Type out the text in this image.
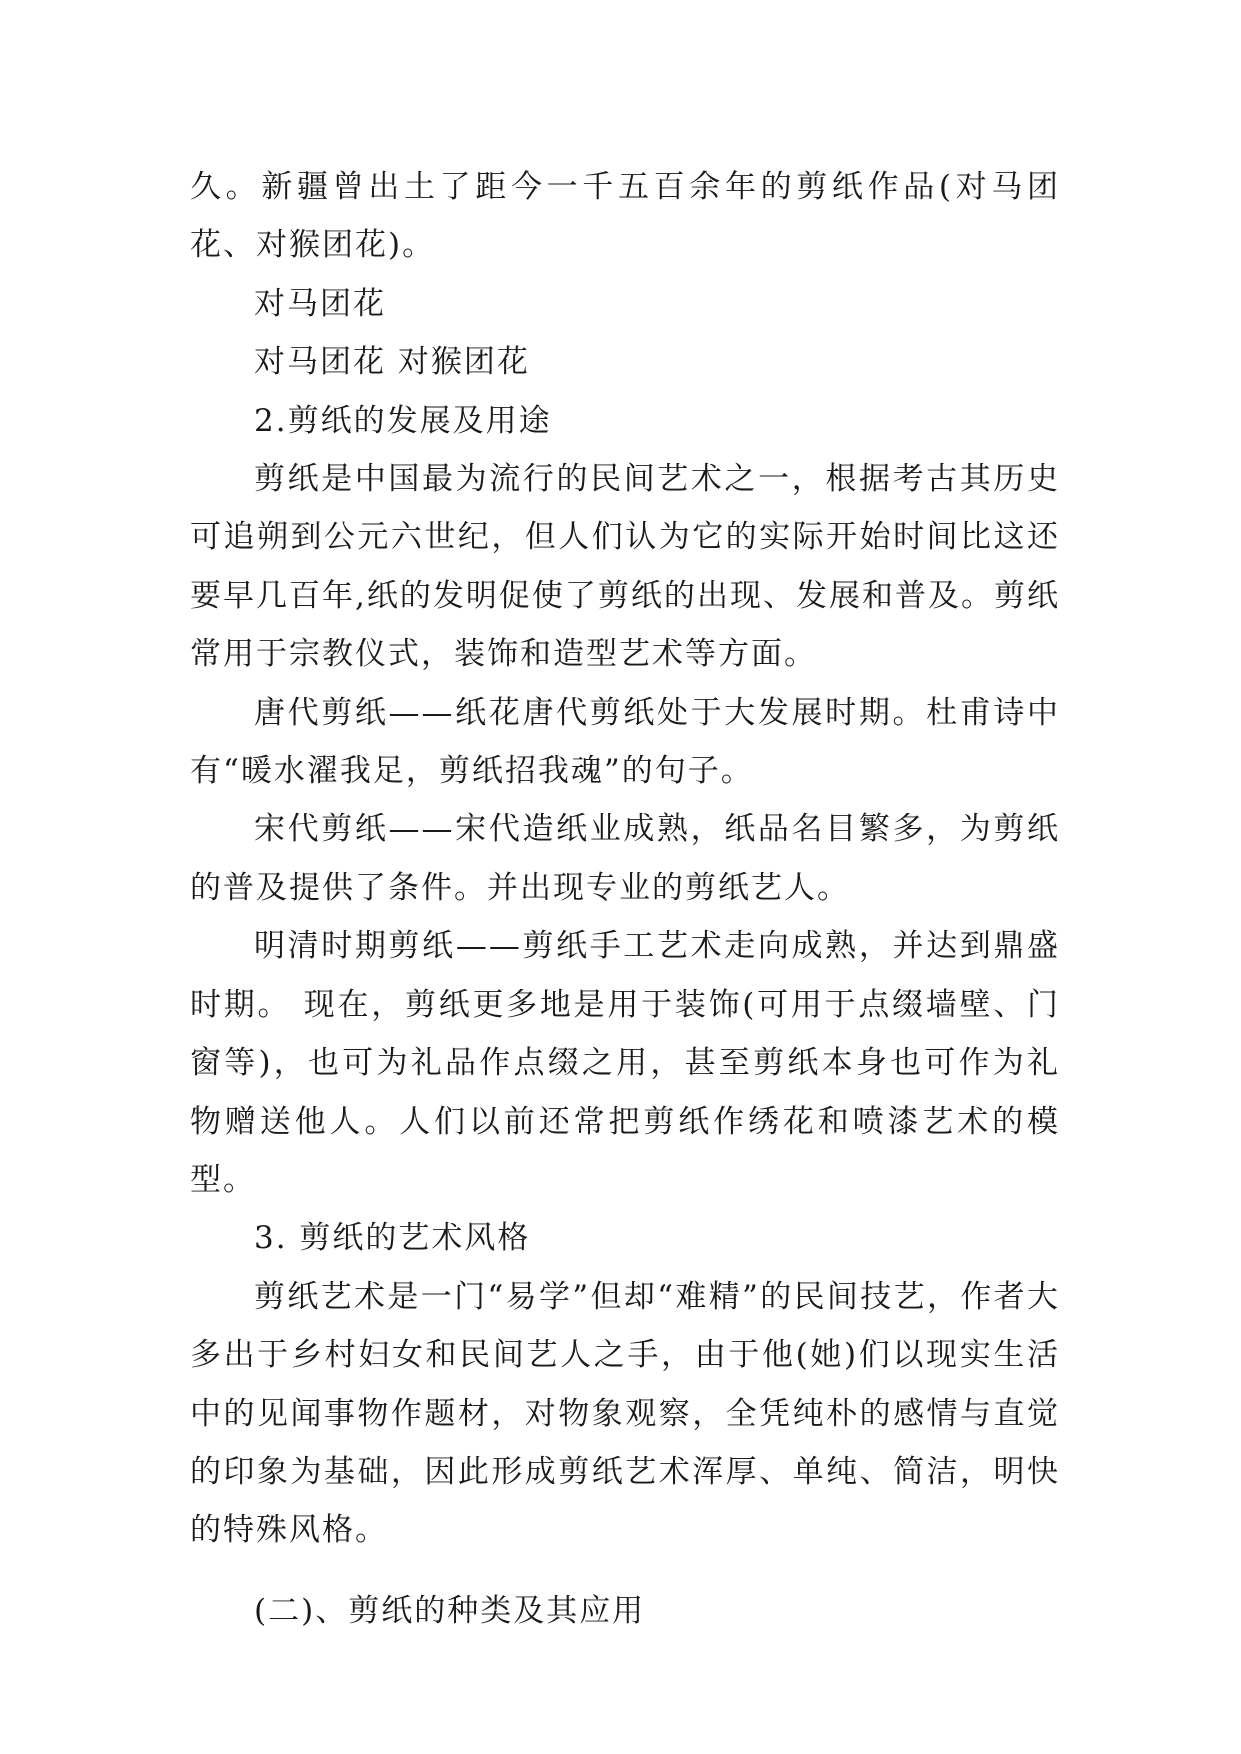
久。新疆曾出土了距今一千五百余年的剪纸作品(对马团花、对猴团花)。

对马团花

对马团花 对猴团花

2.剪纸的发展及用途

剪纸是中国最为流行的民间艺术之一，根据考古其历史可追朔到公元六世纪，但人们认为它的实际开始时间比这还要早几百年,纸的发明促使了剪纸的出现、发展和普及。剪纸常用于宗教仪式，装饰和造型艺术等方面。

唐代剪纸——纸花唐代剪纸处于大发展时期。杜甫诗中有“暖水濯我足，剪纸招我魂”的句子。

宋代剪纸——宋代造纸业成熟，纸品名目繁多，为剪纸的普及提供了条件。并出现专业的剪纸艺人。

明清时期剪纸——剪纸手工艺术走向成熟，并达到鼎盛时期。 现在，剪纸更多地是用于装饰(可用于点缀墙壁、门窗等)，也可为礼品作点缀之用，甚至剪纸本身也可作为礼物赠送他人。人们以前还常把剪纸作绣花和喷漆艺术的模型。

3. 剪纸的艺术风格

剪纸艺术是一门“易学”但却“难精”的民间技艺，作者大多出于乡村妇女和民间艺人之手，由于他(她)们以现实生活中的见闻事物作题材，对物象观察，全凭纯朴的感情与直觉的印象为基础，因此形成剪纸艺术浑厚、单纯、简洁，明快的特殊风格。

(二)、剪纸的种类及其应用
